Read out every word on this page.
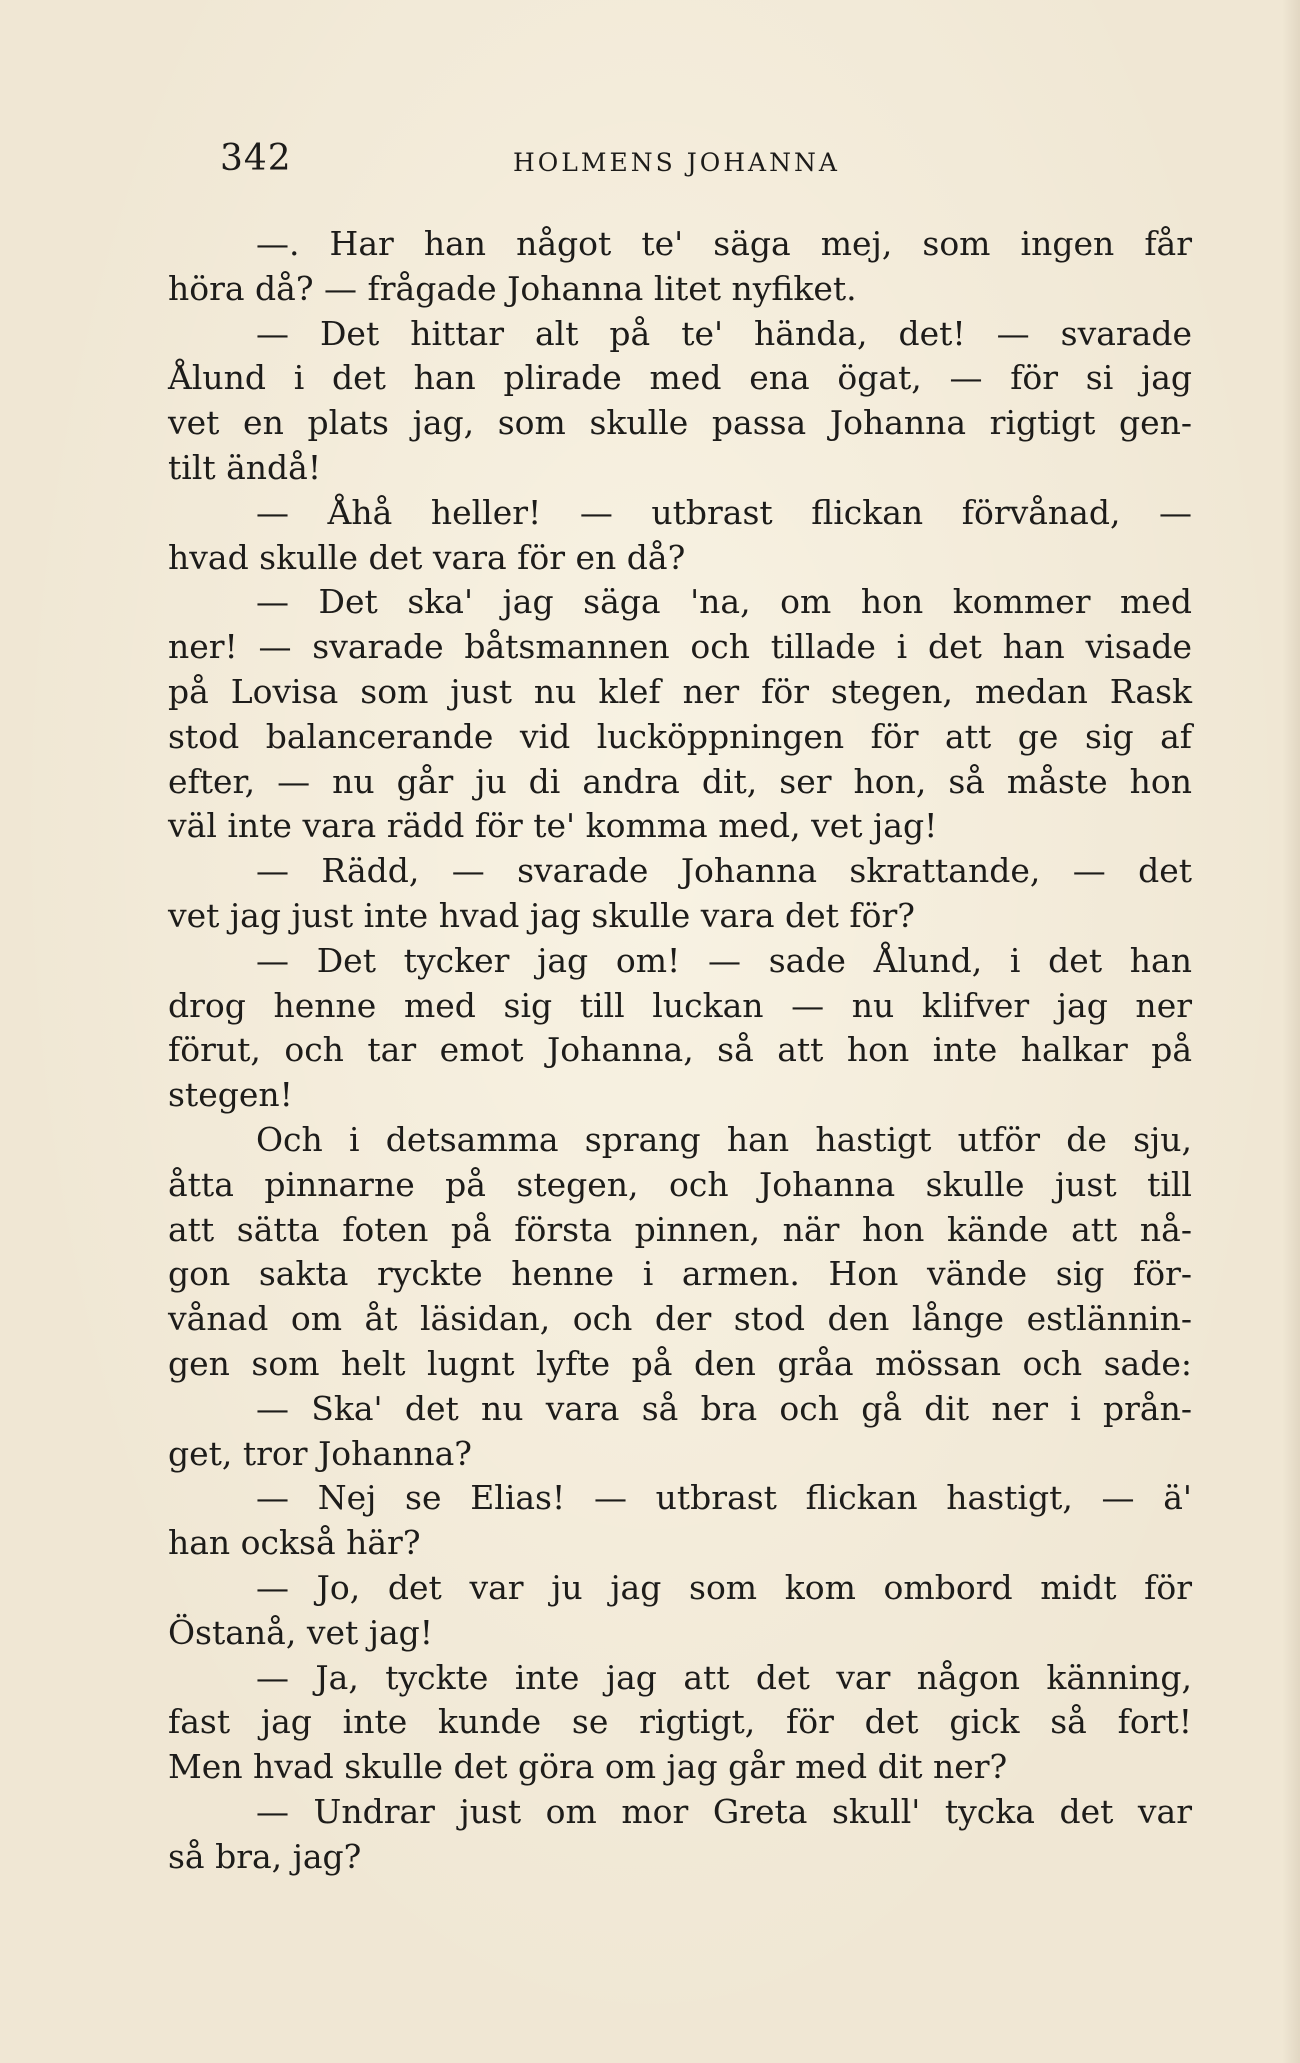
342	HOLMENS JOHANNA
—. Har han något te' säga mej, som ingen får
höra då? — frågade Johanna litet nyfiket.
— Det hittar alt på te' hända, det! — svarade
Ålund i det han plirade med ena ögat, — för si jag
vet en plats jag, som skulle passa Johanna rigtigt gen-
tilt ändå!
— Åhå heller! — utbrast flickan förvånad, —
hvad skulle det vara för en då?
— Det ska' jag säga 'na, om hon kommer med
ner! — svarade båtsmannen och tillade i det han visade
på Lovisa som just nu klef ner för stegen, medan Rask
stod balancerande vid lucköppningen för att ge sig af
efter, — nu går ju di andra dit, ser hon, så måste hon
väl inte vara rädd för te' komma med, vet jag!
— Rädd, — svarade Johanna skrattande, — det
vet jag just inte hvad jag skulle vara det för?
— Det tycker jag om! — sade Ålund, i det han
drog henne med sig till luckan — nu klifver jag ner
förut, och tar emot Johanna, så att hon inte halkar på
stegen!
Och i detsamma sprang han hastigt utför de sju,
åtta pinnarne på stegen, och Johanna skulle just till
att sätta foten på första pinnen, när hon kände att nå-
gon sakta ryckte henne i armen. Hon vände sig för-
vånad om åt läsidan, och der stod den långe estlännin-
gen som helt lugnt lyfte på den gråa mössan och sade:
— Ska' det nu vara så bra och gå dit ner i prån-
get, tror Johanna?
— Nej se Elias! — utbrast flickan hastigt, — ä'
han också här?
— Jo, det var ju jag som kom ombord midt för
Östanå, vet jag!
— Ja, tyckte inte jag att det var någon känning,
fast jag inte kunde se rigtigt, för det gick så fort!
Men hvad skulle det göra om jag går med dit ner?
— Undrar just om mor Greta skull' tycka det var
så bra, jag?
